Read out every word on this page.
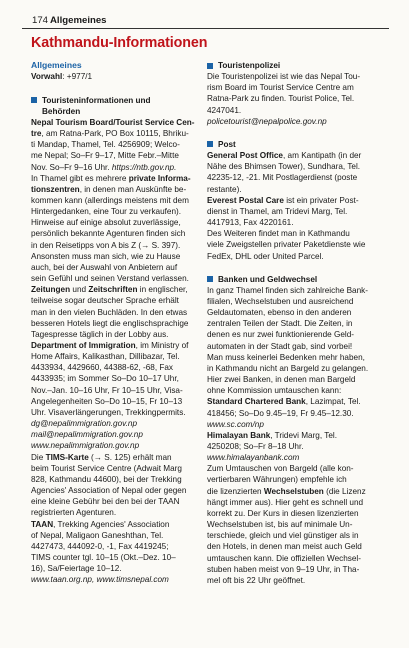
174 Allgemeines
Kathmandu-Informationen
Allgemeines

Vorwahl: +977/1

Touristeninformationen und
Behörden
Nepal Tourism Board/Tourist Service Cen-
tre, am Ratna-Park, PO Box 10115, Bhriku-
ti Mandap, Thamel, Tel. 4256909; Welco-
me Nepal; So–Fr 9–17, Mitte Febr.–Mitte
Nov. So–Fr 9–16 Uhr. https://ntb.gov.np.
In Thamel gibt es mehrere private Informa-
tionszentren, in denen man Auskünfte be-
kommen kann (allerdings meistens mit dem
Hintergedanken, eine Tour zu verkaufen).
Hinweise auf einige absolut zuverlässige,
persönlich bekannte Agenturen finden sich
in den Reisetipps von A bis Z (→ S. 397).
Ansonsten muss man sich, wie zu Hause
auch, bei der Auswahl von Anbietern auf
sein Gefühl und seinen Verstand verlassen.
Zeitungen und Zeitschriften in englischer,
teilweise sogar deutscher Sprache erhält
man in den vielen Buchläden. In den etwas
besseren Hotels liegt die englischsprachige
Tagespresse täglich in der Lobby aus.
Department of Immigration, im Ministry of
Home Affairs, Kalikasthan, Dillibazar, Tel.
4433934, 4429660, 44388-62, -68, Fax
4433935; im Sommer So–Do 10–17 Uhr,
Nov.–Jan. 10–16 Uhr, Fr 10–15 Uhr, Visa-
Angelegenheiten So–Do 10–15, Fr 10–13
Uhr. Visaverlängerungen, Trekkingpermits.
dg@nepalimmigration.gov.np
mail@nepalimmigration.gov.np
www.nepalimmigration.gov.np
Die TIMS-Karte (→ S. 125) erhält man
beim Tourist Service Centre (Adwait Marg
828, Kathmandu 44600), bei der Trekking
Agencies' Association of Nepal oder gegen
eine kleine Gebühr bei den bei der TAAN
registrierten Agenturen.
TAAN, Trekking Agencies' Association
of Nepal, Maligaon Ganeshthan, Tel.
4427473, 444092-0, -1, Fax 4419245;
TIMS counter tgl. 10–15 (Okt.–Dez. 10–
16), Sa/Feiertage 10–12.
www.taan.org.np, www.timsnepal.com
Touristenpolizei
Die Touristenpolizei ist wie das Nepal Tou-
rism Board im Tourist Service Centre am
Ratna-Park zu finden. Tourist Police, Tel.
4247041.
policetourist@nepalpolice.gov.np
Post
General Post Office, am Kantipath (in der
Nähe des Bhimsen Tower), Sundhara, Tel.
42235-12, -21. Mit Postlagerdienst (poste
restante).
Everest Postal Care ist ein privater Post-
dienst in Thamel, am Tridevi Marg, Tel.
4417913, Fax 4220161.
Des Weiteren findet man in Kathmandu
viele Zweigstellen privater Paketdienste wie
FedEx, DHL oder United Parcel.
Banken und Geldwechsel
In ganz Thamel finden sich zahlreiche Bank-
filialen, Wechselstuben und ausreichend
Geldautomaten, ebenso in den anderen
zentralen Teilen der Stadt. Die Zeiten, in
denen es nur zwei funktionierende Geld-
automaten in der Stadt gab, sind vorbei!
Man muss keinerlei Bedenken mehr haben,
in Kathmandu nicht an Bargeld zu gelangen.
Hier zwei Banken, in denen man Bargeld
ohne Kommission umtauschen kann:
Standard Chartered Bank, Lazimpat, Tel.
418456; So–Do 9.45–19, Fr 9.45–12.30.
www.sc.com/np
Himalayan Bank, Tridevi Marg, Tel.
4250208; So–Fr 8–18 Uhr.
www.himalayanbank.com
Zum Umtauschen von Bargeld (alle kon-
vertierbaren Währungen) empfehle ich
die lizenzierten Wechselstuben (die Lizenz
hängt immer aus). Hier geht es schnell und
korrekt zu. Der Kurs in diesen lizenzierten
Wechselstuben ist, bis auf minimale Un-
terschiede, gleich und viel günstiger als in
den Hotels, in denen man meist auch Geld
umtauschen kann. Die offiziellen Wechsel-
stuben haben meist von 9–19 Uhr, in Tha-
mel oft bis 22 Uhr geöffnet.
